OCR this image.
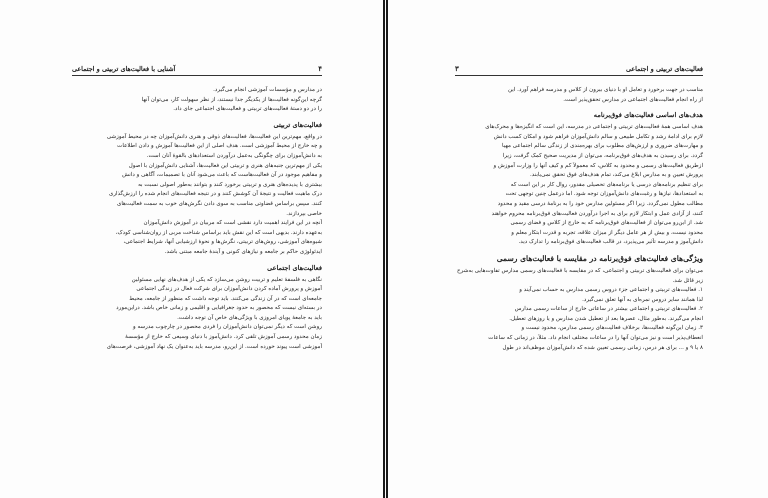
۴
آشنایی با فعالیت‌های تربیتی و اجتماعی
در مدارس و مؤسسات آموزشی انجام می‌گیرد.
گرچه این‌گونه فعالیت‌ها از یکدیگر جدا نیستند، از نظر سهولت کار، می‌توان آنها
را در دو دستهٔ فعالیت‌های تربیتی و فعالیت‌های اجتماعی جای داد.
فعالیت‌های تربیتی
در واقع، مهم‌ترین این فعالیت‌ها، فعالیت‌های ذوقی و هنری دانش‌آموزان چه در محیط آموزشی
و چه خارج از محیط آموزشی است. هدف اصلی از این فعالیت‌ها آموزش و دادن اطلاعات
به دانش‌آموزان برای چگونگی به‌عمل درآوردن استعدادهای بالقوهٔ آنان است.
یکی از مهم‌ترین جنبه‌های هنری و تربیتی این فعالیت‌ها، آشنایی دانش‌آموزان با اصول
و مفاهیم موجود در آن فعالیت‌هاست که باعث می‌شود آنان با تصمیمات، آگاهی و دانش
بیشتری با پدیده‌های هنری و تربیتی برخورد کنند و بتوانند به‌طور اصولی نسبت به
درک ماهیت فعالیت و نتیجهٔ آن کوشش کنند و در نتیجه فعالیت‌های انجام شده را ارزش‌گذاری
کنند. سپس براساس قضاوتی مناسب به سوی دادن نگرش‌های خوب به سمت فعالیت‌های
خاصی بپردازند.
آنچه در این فرایند اهمیت دارد نقشی است که مربیان در آموزش دانش‌آموزان
به‌عهده دارند. بدیهی است که این نقش باید براساس شناخت مربی از روان‌شناسی کودک،
شیوه‌های آموزشی، روش‌های تربیتی، نگرش‌ها و نحوهٔ ارزشیابی آنها، شرایط اجتماعی،
ایدئولوژی حاکم بر جامعه و نیازهای کنونی و آیندهٔ جامعه مبتنی باشد.
فعالیت‌های اجتماعی
نگاهی به فلسفهٔ تعلیم و تربیت روشن می‌سازد که یکی از هدف‌های نهایی مسئولین
آموزش و پرورش آماده کردن دانش‌آموزان برای شرکت فعال در زندگی اجتماعی
جامعه‌ای است که در آن زندگی می‌کنند. باید توجه داشت که منظور از جامعه، محیط
در بسته‌ای نیست که محصور به حدود جغرافیایی و اقلیمی و زمانی خاص باشد. دراین‌مورد
باید به جامعهٔ پویای امروزی با ویژگی‌های خاص آن توجه داشت.
روشن است که دیگر نمی‌توان دانش‌آموزان را فردی محصور در چارچوب مدرسه و
زمان محدود رسمی آموزش تلقی کرد. دانش‌آموز با دنیای وسیعی که خارج از مؤسسهٔ
آموزشی است پیوند خورده است. از این‌رو، مدرسه باید به‌عنوان یک نهاد آموزشی، فرصت‌های
فعالیت‌های تربیتی و اجتماعی
۳
مناسب در جهت برخورد و تعامل او با دنیای بیرون از کلاس و مدرسه فراهم آورد. این
از راه انجام فعالیت‌های اجتماعی در مدارس تحقق‌پذیر است.
هدف‌های اساسی فعالیت‌های فوق‌برنامه
هدف اساسی همهٔ فعالیت‌های تربیتی و اجتماعی در مدرسه، این است که انگیزه‌ها و محرک‌های
لازم برای ادامهٔ رشد و تکامل طبیعی و سالم دانش‌آموزان فراهم شود و امکان کسب دانش
و مهارت‌های ضروری و ارزش‌های مطلوب برای بهره‌مندی از زندگی سالم اجتماعی مهیا
گردد. برای رسیدن به هدف‌های فوق‌برنامه، می‌توان از مدیریت صحیح کمک گرفت، زیرا
ازطریق فعالیت‌های رسمی و محدود به کلاس، که معمولاً کم و کیف آنها را وزارت آموزش و
پرورش تعیین و به مدارس ابلاغ می‌کند، تمام هدف‌های فوق تحقق نمی‌یابند.
برای تنظیم برنامه‌های درسی یا برنامه‌های تحصیلی مقدور، روال کار بر این است که
به استعدادها، نیازها و رغبت‌های دانش‌آموزان توجه شود. اما درعمل چنین توجهی تحت
مطالب مطول نمی‌گردد. زیرا اگر مسئولین مدارس خود را به برنامهٔ درسی مقید و محدود
کنند، از آزادی عمل و ابتکار لازم برای به اجرا درآوردن فعالیت‌های فوق‌برنامه محروم خواهند
شد. از این‌رو می‌توان از فعالیت‌های فوق‌برنامه که به خارج از کلاس و فضای رسمی
محدود نیست، و بیش از هر عامل دیگر از میزان علاقه، تجربه و قدرت ابتکار معلم و
دانش‌آموز و مدرسه تأثیر می‌پذیرد، در قالب فعالیت‌های فوق‌برنامه را تدارک دید.
ویژگی‌های فعالیت‌های فوق‌برنامه در مقایسه با فعالیت‌های رسمی
می‌توان برای فعالیت‌های تربیتی و اجتماعی، که در مقایسه با فعالیت‌های رسمی مدارس تفاوت‌هایی به‌شرح
زیر قائل شد.
۱. فعالیت‌های تربیتی و اجتماعی جزء دروس رسمی مدارس به حساب نمی‌آیند و
لذا همانند سایر دروس نمره‌ای به آنها تعلق نمی‌گیرد.
۲. فعالیت‌های تربیتی و اجتماعی بیشتر در ساعاتی خارج از ساعات رسمی مدارس
انجام می‌گیرند. به‌طور مثال، عصرها بعد از تعطیل شدن مدارس و یا روزهای تعطیل.
۳. زمان این‌گونه فعالیت‌ها، برخلاف فعالیت‌های رسمی مدارس، محدود نیست و
انعطاف‌پذیر است و نیز می‌توان آنها را در ساعات مختلف انجام داد. مثلاً، در زمانی که ساعات
۸ یا ۹ و ... برای هر درس، زمانی رسمی تعیین شده که دانش‌آموزان موظف‌اند در طول
